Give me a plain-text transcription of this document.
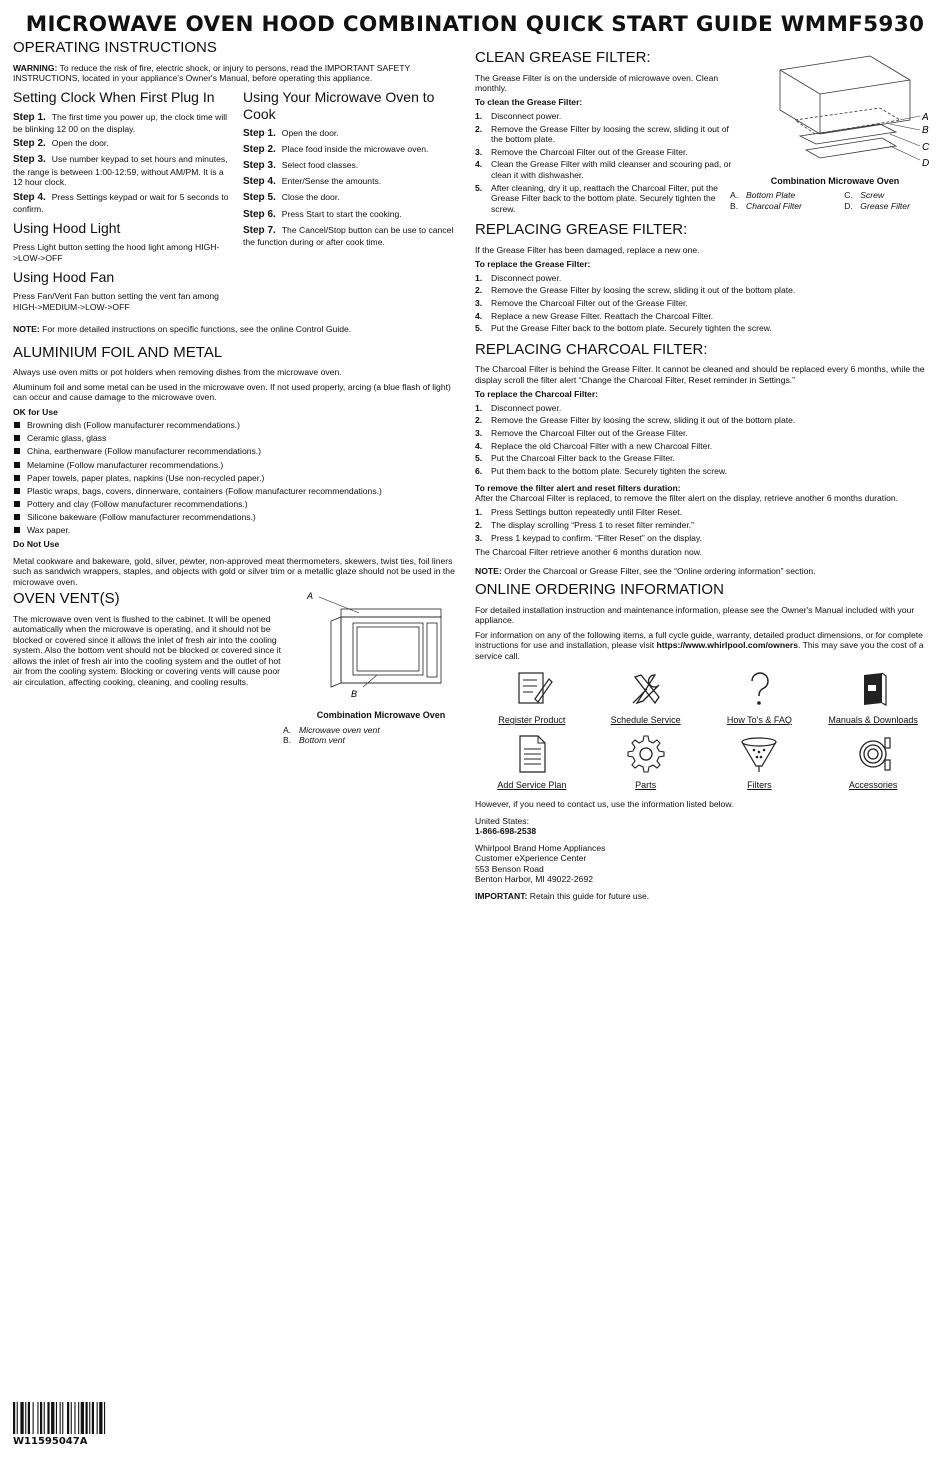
MICROWAVE OVEN HOOD COMBINATION QUICK START GUIDE WMMF5930
OPERATING INSTRUCTIONS

WARNING: To reduce the risk of fire, electric shock, or injury to persons, read the IMPORTANT SAFETY INSTRUCTIONS, located in your appliance's Owner's Manual, before operating this appliance.

Setting Clock When First Plug In
Step 1. The first time you power up, the clock time will be blinking 12 00 on the display.
Step 2. Open the door.
Step 3. Use number keypad to set hours and minutes, the range is between 1:00-12:59, without AM/PM. It is a 12 hour clock.
Step 4. Press Settings keypad or wait for 5 seconds to confirm.
Using Hood Light

Press Light button setting the hood light among HIGH->LOW->OFF

Using Hood Fan

Press Fan/Vent Fan button setting the vent fan among HIGH->MEDIUM->LOW->OFF

Using Your Microwave Oven to Cook
Step 1. Open the door.
Step 2. Place food inside the microwave oven.
Step 3. Select food classes.
Step 4. Enter/Sense the amounts.
Step 5. Close the door.
Step 6. Press Start to start the cooking.
Step 7. The Cancel/Stop button can be use to cancel the function during or after cook time.

NOTE: For more detailed instructions on specific functions, see the online Control Guide.

ALUMINIUM FOIL AND METAL

Always use oven mitts or pot holders when removing dishes from the microwave oven.

Aluminum foil and some metal can be used in the microwave oven. If not used properly, arcing (a blue flash of light) can occur and cause damage to the microwave oven.

OK for Use
Browning dish (Follow manufacturer recommendations.)
Ceramic glass, glass
China, earthenware (Follow manufacturer recommendations.)
Melamine (Follow manufacturer recommendations.)
Paper towels, paper plates, napkins (Use non-recycled paper.)
Plastic wraps, bags, covers, dinnerware, containers (Follow manufacturer recommendations.)
Pottery and clay (Follow manufacturer recommendations.)
Silicone bakeware (Follow manufacturer recommendations.)
Wax paper.
Do Not Use

Metal cookware and bakeware, gold, silver, pewter, non-approved meat thermometers, skewers, twist ties, foil liners such as sandwich wrappers, staples, and objects with gold or silver trim or a metallic glaze should not be used in the microwave oven.

OVEN VENT(S)

The microwave oven vent is flushed to the cabinet. It will be opened automatically when the microwave is operating, and it should not be blocked or covered since it allows the inlet of fresh air into the cooling system. Also the bottom vent should not be blocked or covered since it allows the inlet of fresh air into the cooling system and the outlet of hot air from the cooling system. Blocking or covering vents will cause poor air circulation, affecting cooking, cleaning, and cooling results.

A
B
Combination Microwave Oven
A. Microwave oven vent
B. Bottom vent
CLEAN GREASE FILTER:

The Grease Filter is on the underside of microwave oven. Clean monthly.

To clean the Grease Filter:
1. Disconnect power.
2. Remove the Grease Filter by loosing the screw, sliding it out of the bottom plate.
3. Remove the Charcoal Filter out of the Grease Filter.
4. Clean the Grease Filter with mild cleanser and scouring pad, or clean it with dishwasher.
5. After cleaning, dry it up, reattach the Charcoal Filter, put the Grease Filter back to the bottom plate. Securely tighten the screw.
A
B
C
D
Combination Microwave Oven
A. Bottom Plate	C. Screw
B. Charcoal Filter	D. Grease Filter
REPLACING GREASE FILTER:

If the Grease Filter has been damaged, replace a new one.

To replace the Grease Filter:
1. Disconnect power.
2. Remove the Grease Filter by loosing the screw, sliding it out of the bottom plate.
3. Remove the Charcoal Filter out of the Grease Filter.
4. Replace a new Grease Filter. Reattach the Charcoal Filter.
5. Put the Grease Filter back to the bottom plate. Securely tighten the screw.
REPLACING CHARCOAL FILTER:

The Charcoal Filter is behind the Grease Filter. It cannot be cleaned and should be replaced every 6 months, while the display scroll the filter alert “Change the Charcoal Filter, Reset reminder in Settings.”

To replace the Charcoal Filter:
1. Disconnect power.
2. Remove the Grease Filter by loosing the screw, sliding it out of the bottom plate.
3. Remove the Charcoal Filter out of the Grease Filter.
4. Replace the old Charcoal Filter with a new Charcoal Filter.
5. Put the Charcoal Filter back to the Grease Filter.
6. Put them back to the bottom plate. Securely tighten the screw.
To remove the filter alert and reset filters duration:

After the Charcoal Filter is replaced, to remove the filter alert on the display, retrieve another 6 months duration.

1. Press Settings button repeatedly until Filter Reset.
2. The display scrolling “Press 1 to reset filter reminder.”
3. Press 1 keypad to confirm. “Filter Reset” on the display.

The Charcoal Filter retrieve another 6 months duration now.

NOTE: Order the Charcoal or Grease Filter, see the “Online ordering information” section.

ONLINE ORDERING INFORMATION

For detailed installation instruction and maintenance information, please see the Owner's Manual included with your appliance.

For information on any of the following items, a full cycle guide, warranty, detailed product dimensions, or for complete instructions for use and installation, please visit https://www.whirlpool.com/owners. This may save you the cost of a service call.

Register Product	Schedule Service	How To's & FAQ	Manuals & Downloads
Add Service Plan	Parts	Filters	Accessories

However, if you need to contact us, use the information listed below.

United States:
1-866-698-2538

Whirlpool Brand Home Appliances
Customer eXperience Center
553 Benson Road
Benton Harbor, MI 49022-2692

IMPORTANT: Retain this guide for future use.

W11595047A
